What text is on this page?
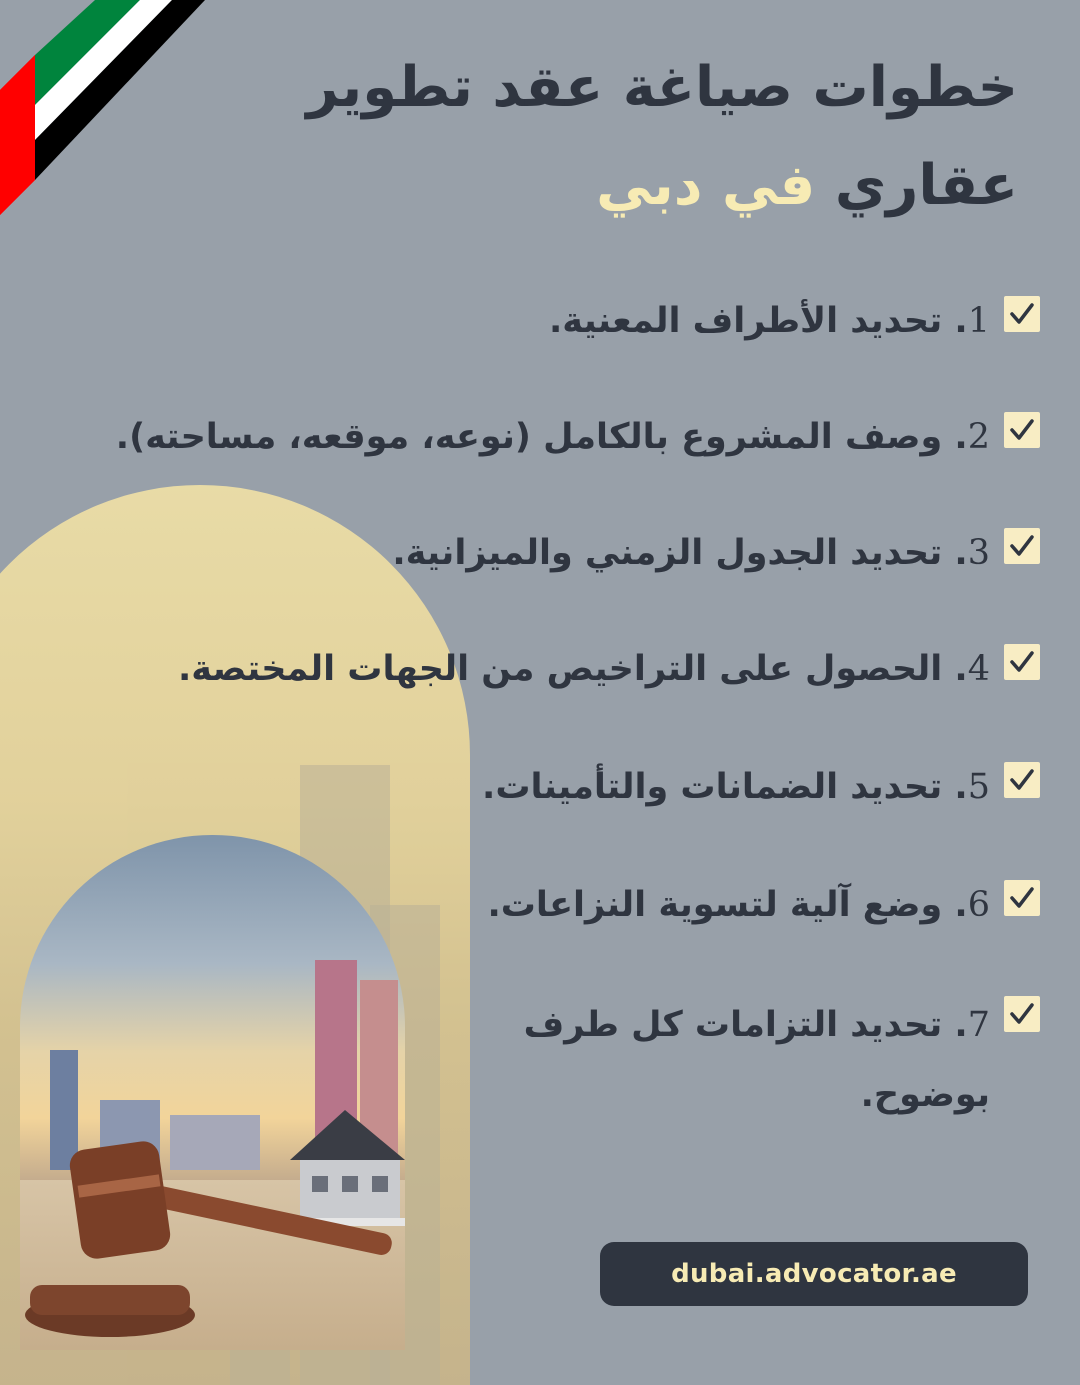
خطوات صياغة عقد تطوير
عقاري في دبي
1. تحديد الأطراف المعنية.
2. وصف المشروع بالكامل (نوعه، موقعه، مساحته).
3. تحديد الجدول الزمني والميزانية.
4. الحصول على التراخيص من الجهات المختصة.
5. تحديد الضمانات والتأمينات.
6. وضع آلية لتسوية النزاعات.
7. تحديد التزامات كل طرف بوضوح.
dubai.advocator.ae
